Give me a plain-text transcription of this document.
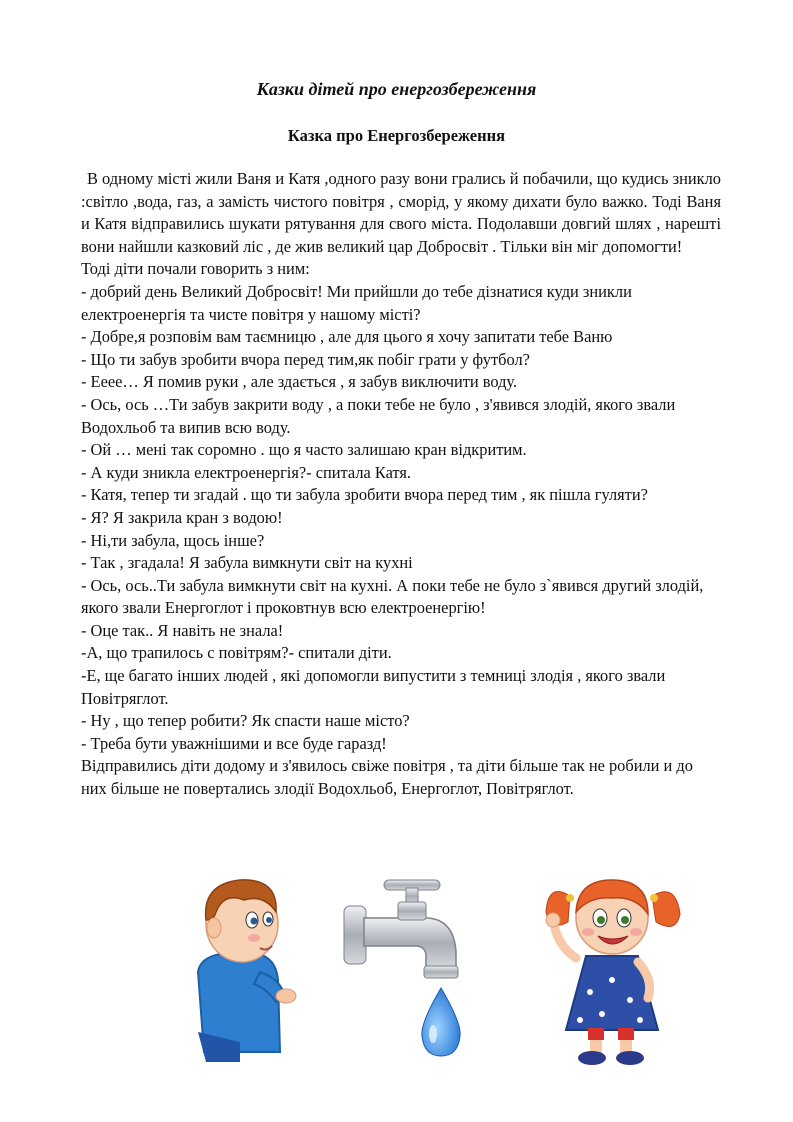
Казки дітей про енергозбереження
Казка про Енергозбереження

В одному місті жили Ваня и Катя ,одного разу вони грались й побачили, що кудись зникло :світло ,вода, газ, а замість чистого повітря , сморід, у якому дихати було важко. Тоді Ваня и Катя відправились шукати рятування для свого міста. Подолавши довгий шлях , нарешті вони найшли казковий ліс , де жив великий цар Добросвіт . Тільки він міг допомогти!

Тоді діти почали говорить з ним:

- добрий день Великий Добросвіт! Ми прийшли до тебе дізнатися куди зникли електроенергія та чисте повітря у нашому місті?

- Добре,я розповім вам таємницю , але для цього я хочу запитати тебе Ваню

- Що ти забув зробити вчора перед тим,як побіг грати у футбол?

- Ееее… Я помив руки , але здається , я забув виключити воду.

- Ось, ось …Ти забув закрити воду , а поки тебе не було , з'явився злодій, якого звали Водохльоб та випив всю воду.

- Ой … мені так соромно . що я часто залишаю кран відкритим.

- А куди зникла електроенергія?- спитала Катя.

- Катя, тепер ти згадай . що ти забула зробити вчора перед тим , як пішла гуляти?

- Я? Я закрила кран з водою!

- Ні,ти забула, щось інше?

- Так , згадала! Я забула вимкнути світ на кухні

- Ось, ось..Ти забула вимкнути світ на кухні. А поки тебе не було з`явився другий злодій, якого звали Енергоглот і проковтнув всю електроенергію!

- Оце так.. Я навіть не знала!

-А, що трапилось с повітрям?- спитали діти.

-Е, ще багато інших людей , які допомогли випустити з темниці злодія , якого звали Повітряглот.

- Ну , що тепер робити? Як спасти наше місто?

- Треба бути уважнішими и все буде гаразд!

Відправились діти додому и з'явилось свіже повітря , та діти більше так не робили и до них більше не повертались злодії Водохльоб, Енергоглот, Повітряглот.
